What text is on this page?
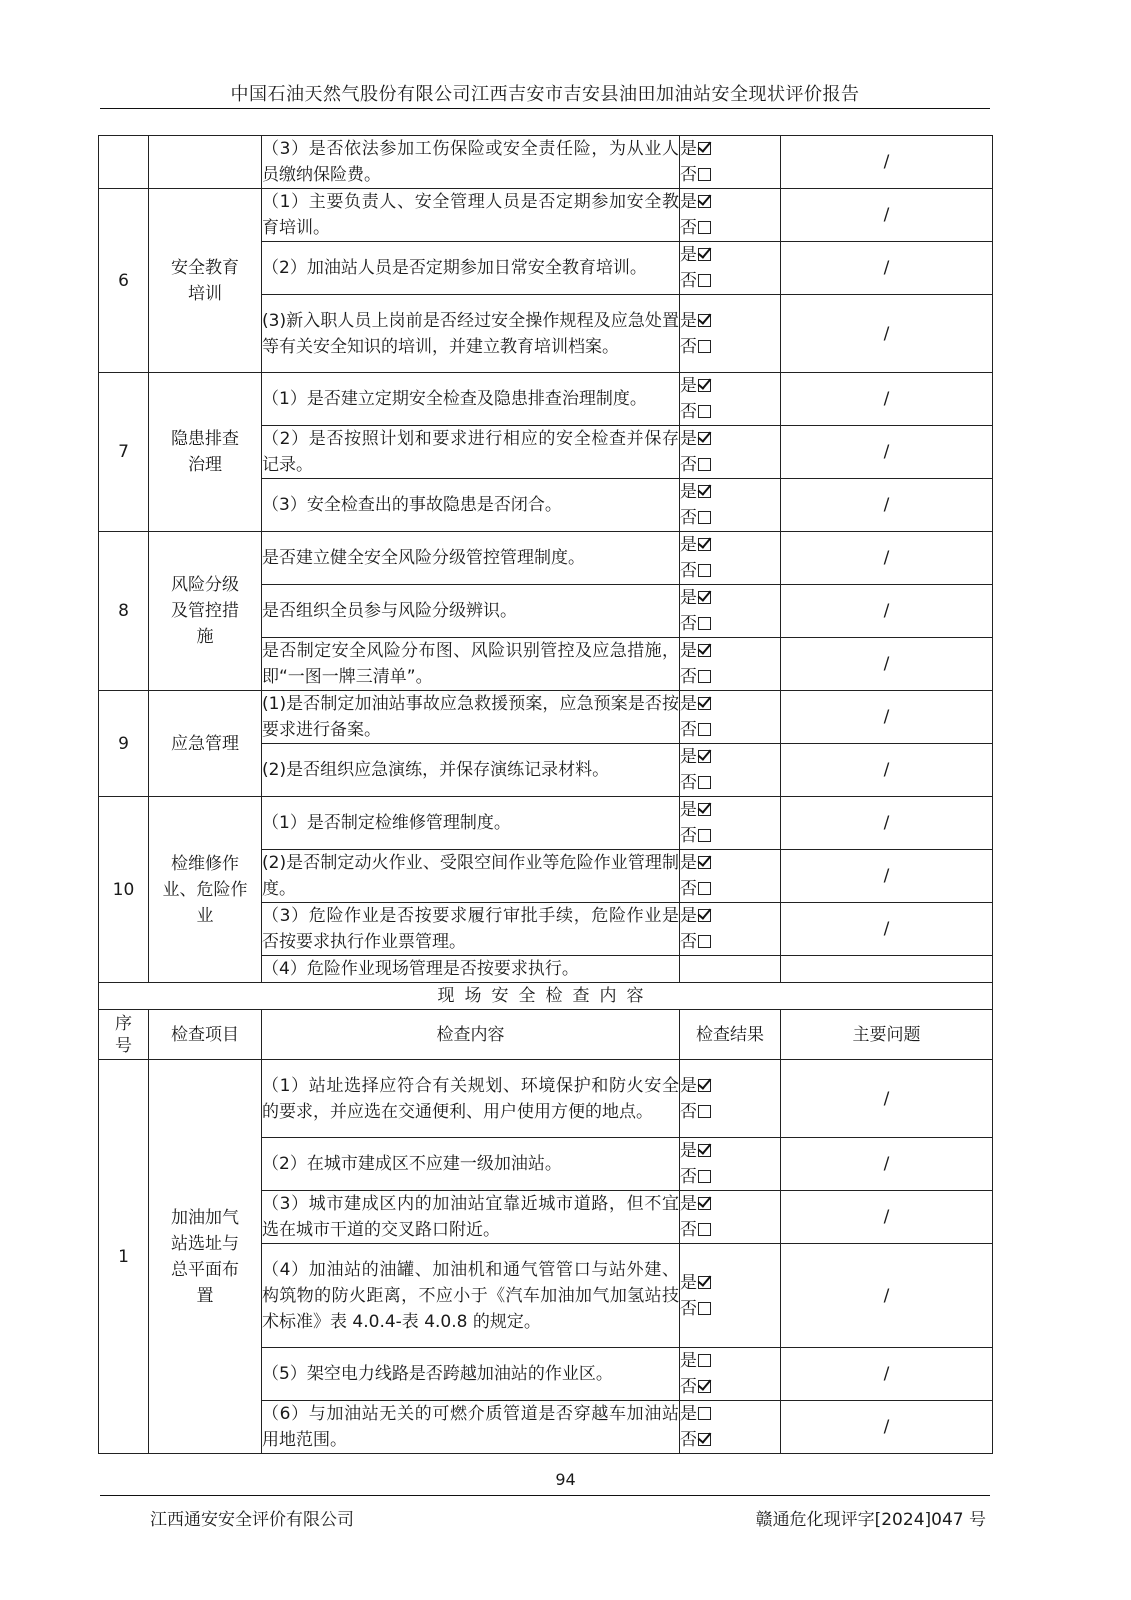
中国石油天然气股份有限公司江西吉安市吉安县油田加油站安全现状评价报告
		（3）是否依法参加工伤保险或安全责任险，为从业人员缴纳保险费。	是
否	/
6	安全教育培训	（1）主要负责人、安全管理人员是否定期参加安全教育培训。	是
否	/
		（2）加油站人员是否定期参加日常安全教育培训。	是
否	/
		(3)新入职人员上岗前是否经过安全操作规程及应急处置等有关安全知识的培训，并建立教育培训档案。	是
否	/
7	隐患排查治理	（1）是否建立定期安全检查及隐患排查治理制度。	是
否	/
		（2）是否按照计划和要求进行相应的安全检查并保存记录。	是
否	/
		（3）安全检查出的事故隐患是否闭合。	是
否	/
8	风险分级及管控措施	是否建立健全安全风险分级管控管理制度。	是
否	/
		是否组织全员参与风险分级辨识。	是
否	/
		是否制定安全风险分布图、风险识别管控及应急措施，即“一图一牌三清单”。	是
否	/
9	应急管理	(1)是否制定加油站事故应急救援预案，应急预案是否按要求进行备案。	是
否	/
		(2)是否组织应急演练，并保存演练记录材料。	是
否	/
10	检维修作业、危险作业	（1）是否制定检维修管理制度。	是
否	/
		(2)是否制定动火作业、受限空间作业等危险作业管理制度。	是
否	/
		（3）危险作业是否按要求履行审批手续，危险作业是否按要求执行作业票管理。	是
否	/
		（4）危险作业现场管理是否按要求执行。		
现场安全检查内容				

序号	检查项目	检查内容	检查结果	主要问题
1	加油加气站选址与总平面布置	（1）站址选择应符合有关规划、环境保护和防火安全的要求，并应选在交通便利、用户使用方便的地点。	是
否	/
		（2）在城市建成区不应建一级加油站。	是
否	/
		（3）城市建成区内的加油站宜靠近城市道路，但不宜选在城市干道的交叉路口附近。	是
否	/
		（4）加油站的油罐、加油机和通气管管口与站外建、构筑物的防火距离，不应小于《汽车加油加气加氢站技术标准》表 4.0.4-表 4.0.8 的规定。	是
否	/
		（5）架空电力线路是否跨越加油站的作业区。	是
否	/
		（6）与加油站无关的可燃介质管道是否穿越车加油站用地范围。	是
否	/
94
江西通安安全评价有限公司	赣通危化现评字[2024]047 号
